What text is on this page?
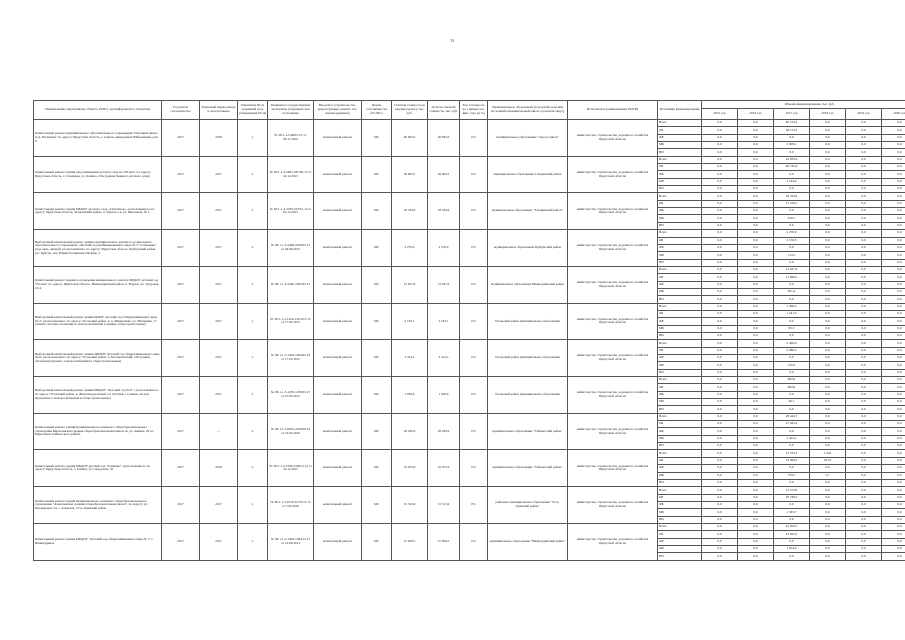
31
Наименование мероприятия, объекта, ППР (с расшифровкой по объектам)	Год начала строительства	Плановый период ввода в эксплуатацию	Реквизиты ПСД (заданный срок утверждения ПСД)	Реквизиты государственной экспертизы (заданный срок получения)	Вид работ (строительство, реконструкция, ремонт, тех. перевооружение)	Форма собственности (ГС/МС)	Сметная стоимость (в текущих ценах), тыс. руб.	Остаток сметной стоимости, тыс. руб.	Тех. готовность на 1 января тек. фин. года, (в %)	Муниципальное образование (городской/сельский поселений муниципальный район, городской округ)	Исполнитель (наименование ИОГВ)	Источники финансирования	Объемы финансирования, тыс. руб.					
													2015 год	2016 год	2017 год	2018 год	2019 год	2020 год
Капитальный ремонт муниципального образовательного учреждения "Основная школа Д.А. Нальмаев" по адресу: Иркутская область, г. Саянск, микрорайон Юбилейный, дом 6	2017	2018	х	№ 38-1-1-3-0085-15/ от 09.11.2016	капитальный ремонт	МС	40 845,0	40 845,0	0%	муниципальное образование "город Саянск"	министерство строительства, дорожного хозяйства Иркутской области	Всего	0,0	0,0	40 154,2	0,0	0,0	0,0
												ОБ	0,0	0,0	38 154,3	0,0	0,0	0,0
												ФБ	0,0	0,0	0,0	0,0	0,0	0,0
												МБ	0,0	0,0	2 008,1	0,0	0,0	0,0
												ВИ	0,0	0,0	0,0	0,0	0,0	0,0
Капитальный ремонт здания для размещения детского сада на 195 мест по адресу: Иркутская область, г. Слюдянка, ул. Ленина, 23А (здание бывшего детского дома)	2017	2017	х	№ 38-1-1-3-2847-267/09-15 от 22.12.2015	капитальный ремонт	МС	39 063,5	39 063,5	0%	муниципальное образование Слюдянский район	министерство строительства, дорожного хозяйства Иркутской области	Всего	0,0	0,0	42 879,9	0,0	0,0	0,0
												ОБ	0,0	0,0	40 735,9	0,0	0,0	0,0
												ФБ	0,0	0,0	0,0	0,0	0,0	0,0
												МБ	0,0	0,0	2 144,0	0,0	0,0	0,0
												ВИ	0,0	0,0	0,0	0,0	0,0	0,0
Капитальный ремонт здания МБДОУ детского сада «Светлячок», расположенного по адресу: Иркутская область, Заларинский район, п. Тыреть 1-я, ул. Школьная, № 3	2017	2017	х	№ 38-1-1-3-2239-223/01-14 от 05.12.2015	капитальный ремонт	МС	18 334,9	18 334,9	0%	муниципальное образование "Заларинский район"	министерство строительства, дорожного хозяйства Иркутской области	Всего	0,0	0,0	18 334,9	0,0	0,0	0,0
												ОБ	0,0	0,0	17 418,2	0,0	0,0	0,0
												ФБ	0,0	0,0	0,0	0,0	0,0	0,0
												МБ	0,0	0,0	916,7	0,0	0,0	0,0
												ВИ	0,0	0,0	0,0	0,0	0,0	0,0
Выборочный капитальный ремонт здания муниципального казенного дошкольного образовательного учреждения "Детский сад комбинированного вида № 3 "Солнышко" (под окна, дверей), расположенного по адресу: Иркутская область, Куйтунский район, р.п. Куйтун, пер. Юрий Гагаринова Октябрь, 2	2017	2017	х	№ 38-1-1-3-2448-2016/02.15 от 04.06.2015	капитальный ремонт	МС	2 270,0	2 270,0	0%	муниципальное образование Куйтунский район	министерство строительства, дорожного хозяйства Иркутской области	Всего	0,0	0,0	2 270,0	0,0	0,0	0,0
												ОБ	0,0	0,0	2 156,5	0,0	0,0	0,0
												ФБ	0,0	0,0	0,0	0,0	0,0	0,0
												МБ	0,0	0,0	113,5	0,0	0,0	0,0
												ВИ	0,0	0,0	0,0	0,0	0,0	0,0
Капитальный ремонт здания и ограждения межшкольного сектора МБДОУ детский сад "Ёлочка" по адресу: Иркутская область, Нижнеудинский район, п. Водное, ул. Трудовая, 16 А	2017	2017	х	№ 38-1-1-3-2465-246/503.15	капитальный ремонт	МС	12 627,9	12 627,9	0%	муниципальное образование Нижнеудинский район	министерство строительства, дорожного хозяйства Иркутской области	Всего	0,0	0,0	12 627,9	0,0	0,0	0,0
												ОБ	0,0	0,0	11 996,5	0,0	0,0	0,0
												ФБ	0,0	0,0	0,0	0,0	0,0	0,0
												МБ	0,0	0,0	631,4	0,0	0,0	0,0
												ВИ	0,0	0,0	0,0	0,0	0,0	0,0
Выборочный капитальный ремонт здания МДОУ детский сад общеразвивающего вида №17, расположенного по адресу: Усольский район, р. п. Мишелевка, ул. Мичурина, 17 (замена системы отопления и электроснабжения в здании, общестроительные)	2017	2017	х	№ 38-1-1-3-1324-132/4/15-15 от 17.04.2015	капитальный ремонт	МС	2 165,1	2 165,1	0%	Усольский район муниципальное образование	министерство строительства, дорожного хозяйства Иркутской области	Всего	0,0	0,0	1 306,2	0,0	0,0	0,0
												ОБ	0,0	0,0	1 241,9	0,0	0,0	0,0
												ФБ	0,0	0,0	0,0	0,0	0,0	0,0
												МБ	0,0	0,0	65,3	0,0	0,0	0,0
												ВИ	0,0	0,0	0,0	0,0	0,0	0,0
Выборочный капитальный ремонт здания МБДОУ Детский сад общеразвивающего вида №23, расположенного по адресу: Усольский район, п. Белореченский, 108 (замена систем внутреннего электроснабжения и общестроительные)	2017	2017	х	№ 38-1-1-3-1404-1404/02.16 от 17.03.2015	капитальный ремонт	МС	3 414,5	3 414,5	0%	Усольский район муниципальное образование	министерство строительства, дорожного хозяйства Иркутской области	Всего	0,0	0,0	2 406,9	0,0	0,0	0,0
												ОБ	0,0	0,0	2 286,5	0,0	0,0	0,0
												ФБ	0,0	0,0	0,0	0,0	0,0	0,0
												МБ	0,0	0,0	120,3	0,0	0,0	0,0
												ВИ	0,0	0,0	0,0	0,0	0,0	0,0
Выборочный капитальный ремонт здания МБДОУ "Детский сад №11", расположенного по адресу: Усольский район, р. Железнодорожный, ул. Луговая, 1 (замена систем внутреннего электроснабжения и общестроительные)	2017	2017	х	№ 38-1-1-3-1476-1476/02.15 от 27.03.2015	капитальный ремонт	МС	1 036,6	1 036,6	0%	Усольский район муниципальное образование	министерство строительства, дорожного хозяйства Иркутской области	Всего	0,0	0,0	982,6	0,0	0,0	0,0
												ОБ	0,0	0,0	982,6	0,0	0,0	0,0
												ФБ	0,0	0,0	0,0	0,0	0,0	0,0
												МБ	0,0	0,0	49,1	0,0	0,0	0,0
												ВИ	0,0	0,0	0,0	0,0	0,0	0,0
Капитальный ремонт зданий муниципального казенного общеобразовательного учреждения Бирюсинская средняя общеобразовательная школа по ул. Ленина, 20 в г. Бирюсинск Тайшетского района	2017	—	х	№ 38-1-1-3-0910-2016/06.16 от 16.02.2016	капитальный ремонт	МС	29 039,9	29 039,9	0%	муниципальное образование "Тайшетский район"	министерство строительства, дорожного хозяйства Иркутской области	Всего	0,0	0,0	28 444,7	0,0	0,0	0,0
												ОБ	0,0	0,0	27 022,4	0,0	0,0	0,0
												ФБ	0,0	0,0	0,0	0,0	0,0	0,0
												МБ	0,0	0,0	1 422,2	0,0	0,0	0,0
												ВИ	0,0	0,0	0,0	0,0	0,0	0,0
Капитальный ремонт здания МКДОУ детский сад "Ромашка", расположенного по адресу: Иркутская область, г. Тайшет, ул. Свердлова, 35	2017	2018	х	№ 38-1-1-3-1506-1506/15 (4 от 22.12.2015	капитальный ремонт	МС	16 072,9	16 072,9	0%	муниципальное образование "Тайшетский район"	министерство строительства, дорожного хозяйства Иркутской области	Всего	0,0	0,0	15 193,3	113,0	0,0	0,0
												ОБ	0,0	0,0	14 366,2	103,3	0,0	0,0
												ФБ	0,0	0,0	0,0	0,0	0,0	0,0
												МБ	0,0	0,0	759,7	5,7	0,0	0,0
												ВИ	0,0	0,0	0,0	0,0	0,0	0,0
Капитальный ремонт здания муниципального казенного общеобразовательного учреждения "Алексеевская средняя общеобразовательная школа", по адресу: ул. Пионерская, 23, с. Алексеев, Усть-Удинский район	2017	2017	х	№ 38-1-1-3-0179-01/79/12.15 от 7.06.2016	капитальный ремонт	МС	31 313,9	31 313,9	0%	районное муниципальное образование "Усть-Удинский район"	министерство строительства, дорожного хозяйства Иркутской области	Всего	0,0	0,0	31 313,9	0,0	0,0	0,0
												ОБ	0,0	0,0	29 748,2	0,0	0,0	0,0
												ФБ	0,0	0,0	0,0	0,0	0,0	0,0
												МБ	0,0	0,0	1 565,7	0,0	0,0	0,0
												ВИ	0,0	0,0	0,0	0,0	0,0	0,0
Капитальный ремонт здания МКДОУ "Детский сад общеразвивающего вида № 1" г. Нижнеудинск	2017	2017	х	№ 38-1-1-3-1494-1494/12.15 от 10.09.2014	капитальный ремонт	МС	27 658,5	27 658,5	0%	муниципальное образование "Нижнеудинский район"	министерство строительства, дорожного хозяйства Иркутской области	Всего	0,0	0,0	25 979,5	0,0	0,0	0,0
												ОБ	0,0	0,0	23 925,0	0,0	0,0	0,0
												ФБ	0,0	0,0	0,0	0,0	0,0	0,0
												МБ	0,0	0,0	1 054,0	0,0	0,0	0,0
												ВИ	0,0	0,0	0,0	0,0	0,0	0,0
